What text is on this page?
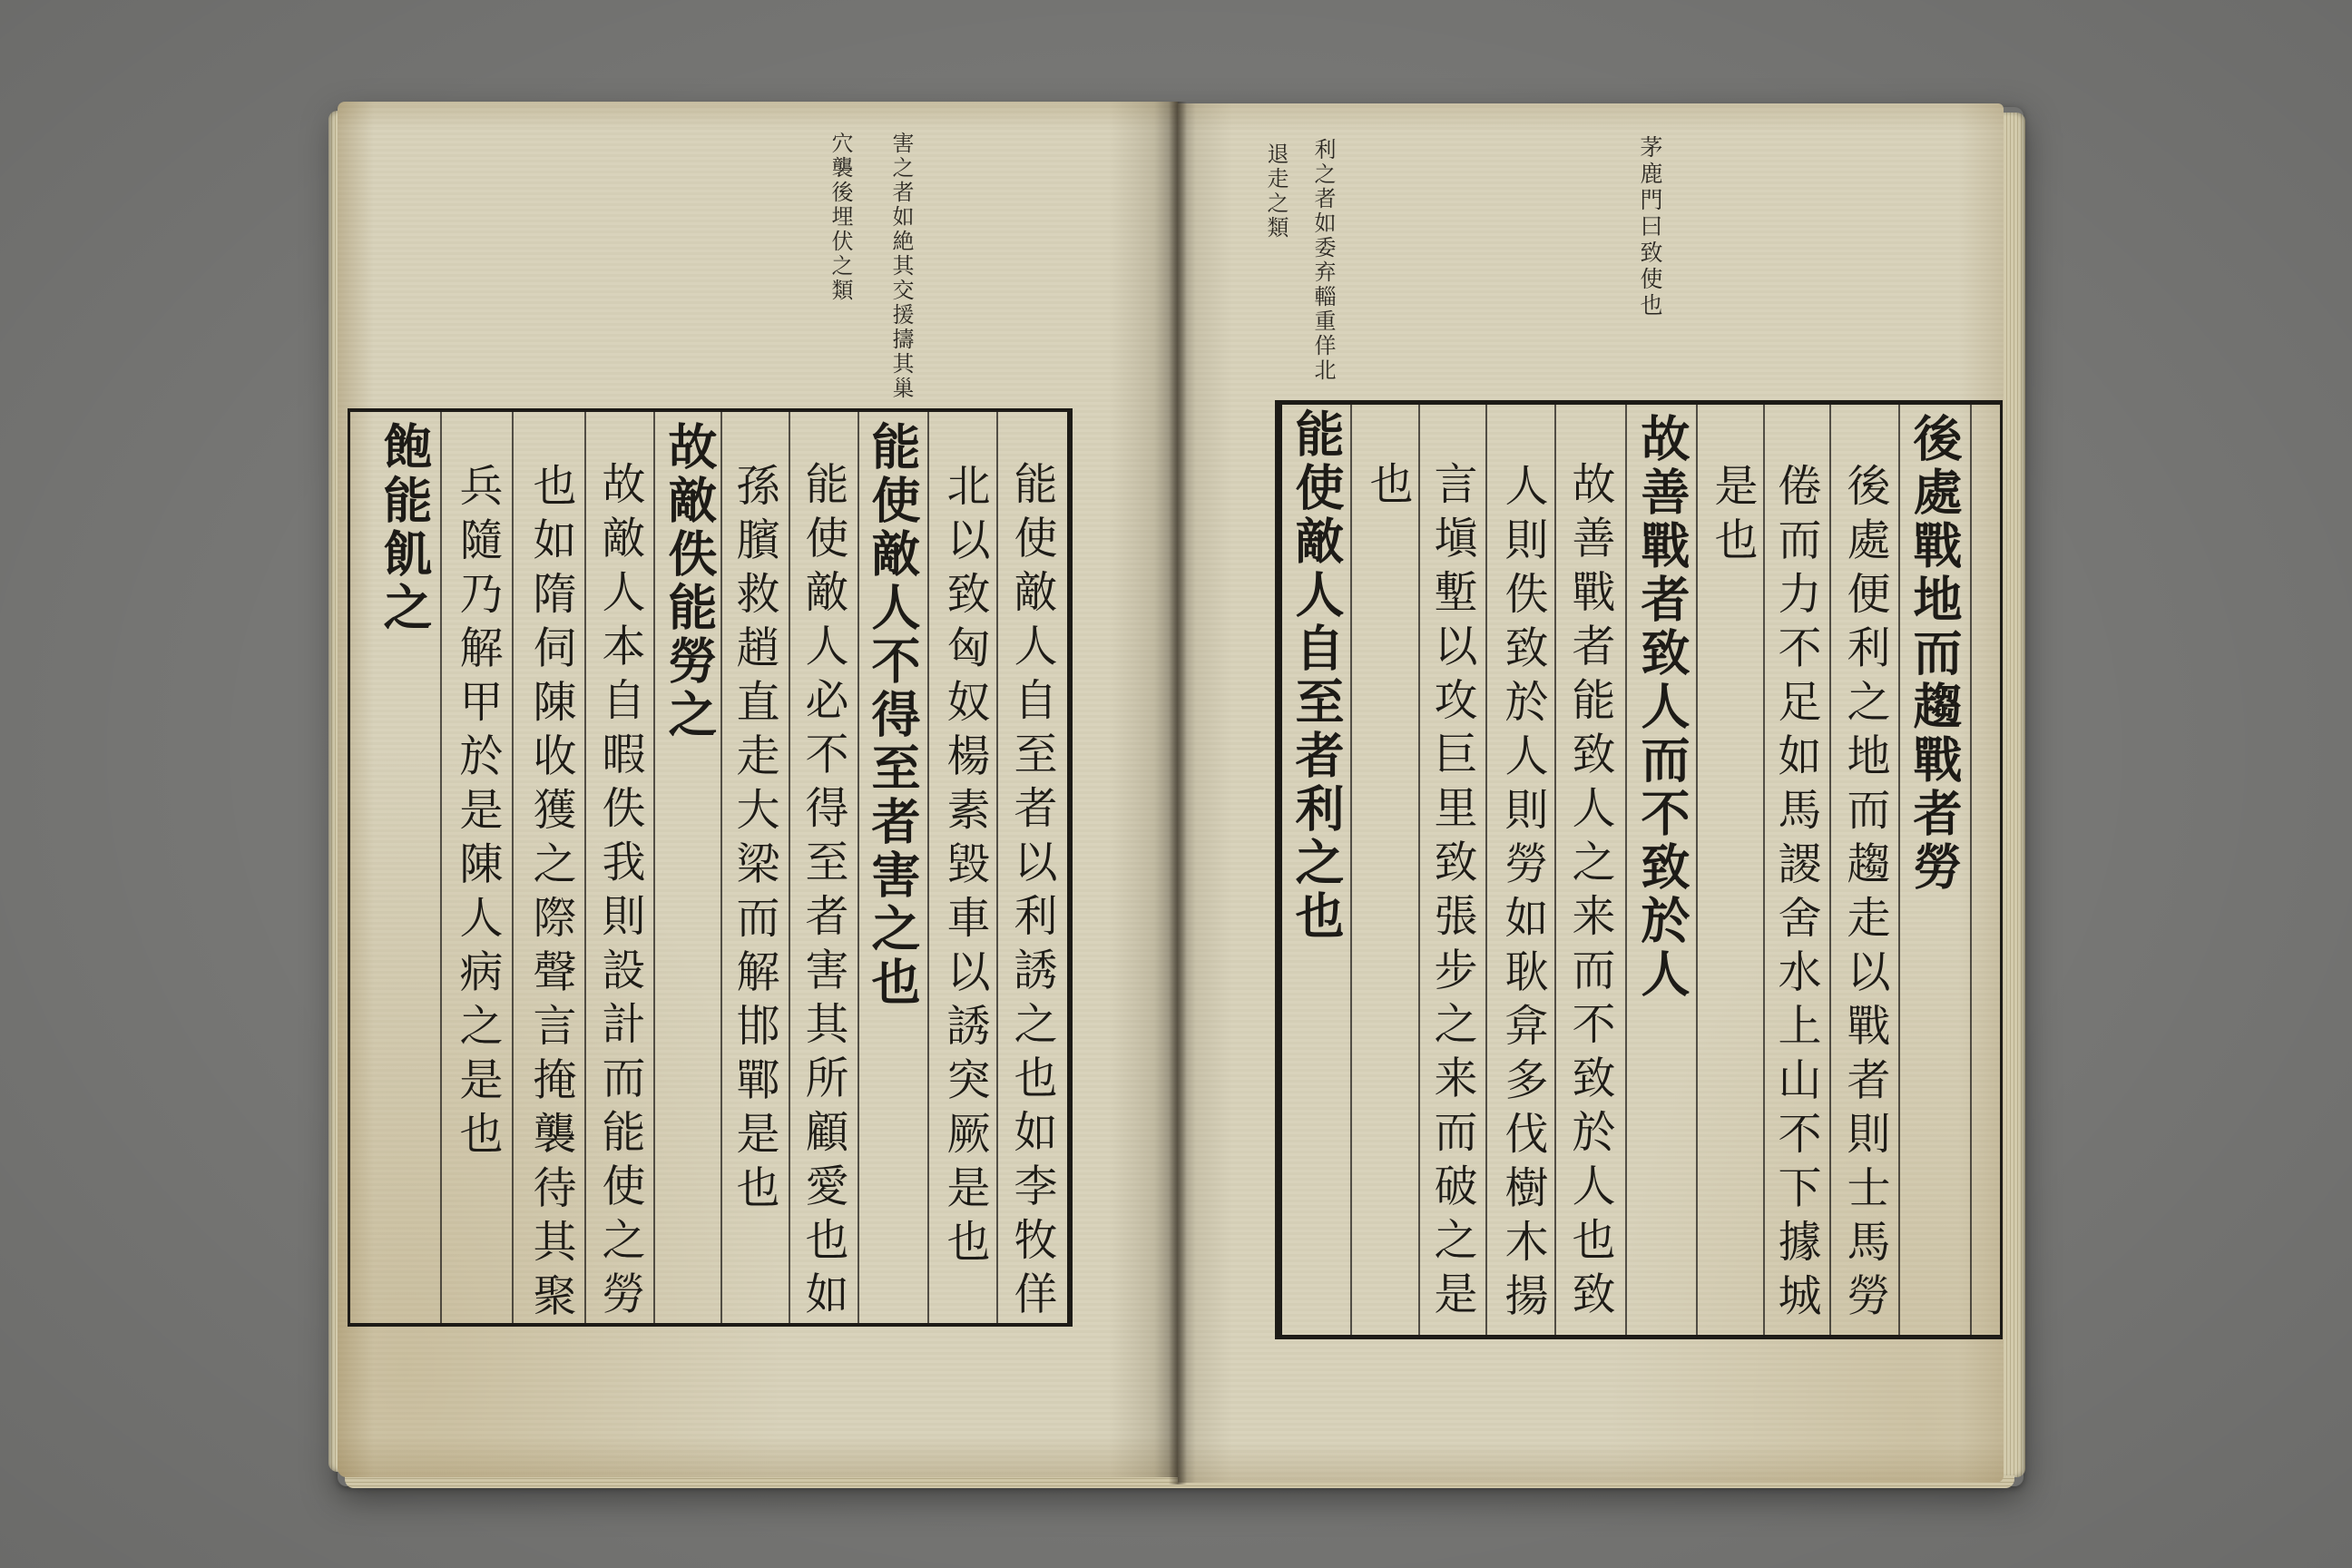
害之者如絶其交援擣其巢
穴襲後埋伏之類
能使敵人自至者以利誘之也如李牧佯
北以致匈奴楊素毀車以誘突厥是也
能使敵人不得至者害之也
能使敵人必不得至者害其所顧愛也如
孫臏救趙直走大梁而解邯鄲是也
故敵佚能勞之
故敵人本自暇佚我則設計而能使之勞
也如隋伺陳收獲之際聲言掩襲待其聚
兵隨乃解甲於是陳人病之是也
飽能飢之
茅鹿門曰致使也
利之者如委弃輜重佯北
退走之類
後處戰地而趨戰者勞
後處便利之地而趨走以戰者則士馬勞
倦而力不足如馬謖舍水上山不下據城
是也
故善戰者致人而不致於人
故善戰者能致人之来而不致於人也致
人則佚致於人則勞如耿弇多伐樹木揚
言塡塹以攻巨里致張步之来而破之是
也
能使敵人自至者利之也
